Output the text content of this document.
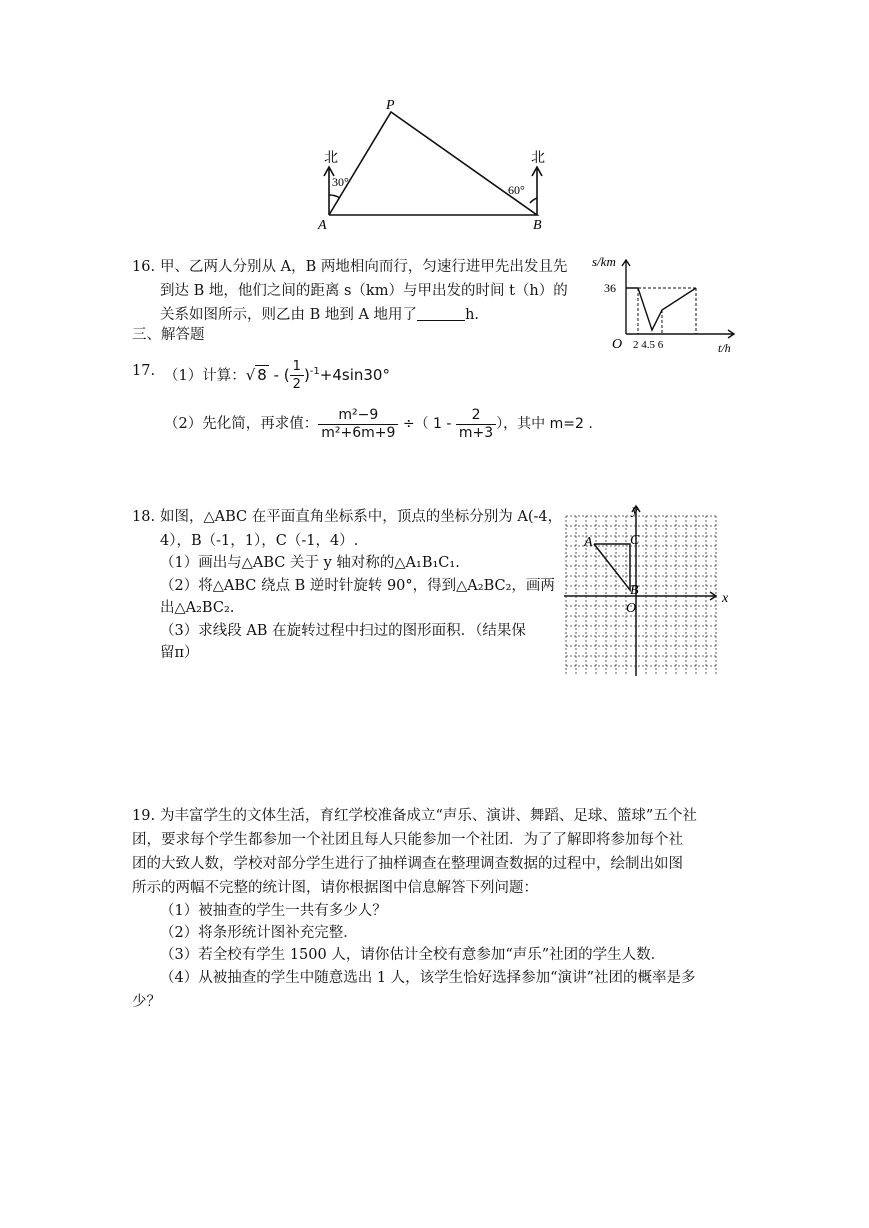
P
A	B
北	北
30°
60°
16. 甲、乙两人分别从 A，B 两地相向而行，匀速行进甲先出发且先
到达 B 地，他们之间的距离 s（km）与甲出发的时间 t（h）的
关系如图所示，则乙由 B 地到 A 地用了	h.
s/km
36
O 2 4.5 6	t/h
三、解答题
17. （1）计算：√ 8 - ( $\frac{1}{2} )^{-1}+4\sin 30^\circ$
（2）先化简，再求值： $\frac{\text{m²−9}}{\text{m²+6m+9}}$ ÷（ $1 - \frac{2}{m+3}$ ），其中 m=2 .
18. 如图，△ABC 在平面直角坐标系中，顶点的坐标分别为 A(-4，
4），B（-1，1），C（-1，4）.
（1）画出与△ABC 关于 y 轴对称的△A₁B₁C₁.
（2）将△ABC 绕点 B 逆时针旋转 90°，得到△A₂BC₂，画两
出△A₂BC₂.
（3）求线段 AB 在旋转过程中扫过的图形面积．（结果保
留π）
x
y
A	C
B
O
19. 为丰富学生的文体生活，育红学校准备成立“声乐、演讲、舞蹈、足球、篮球”五个社
团，要求每个学生都参加一个社团且每人只能参加一个社团．为了了解即将参加每个社
团的大致人数，学校对部分学生进行了抽样调查在整理调查数据的过程中，绘制出如图
所示的两幅不完整的统计图，请你根据图中信息解答下列问题：
（1）被抽查的学生一共有多少人？
（2）将条形统计图补充完整．
（3）若全校有学生 1500 人，请你估计全校有意参加“声乐”社团的学生人数．
（4）从被抽查的学生中随意选出 1 人，该学生恰好选择参加“演讲”社团的概率是多
少？
